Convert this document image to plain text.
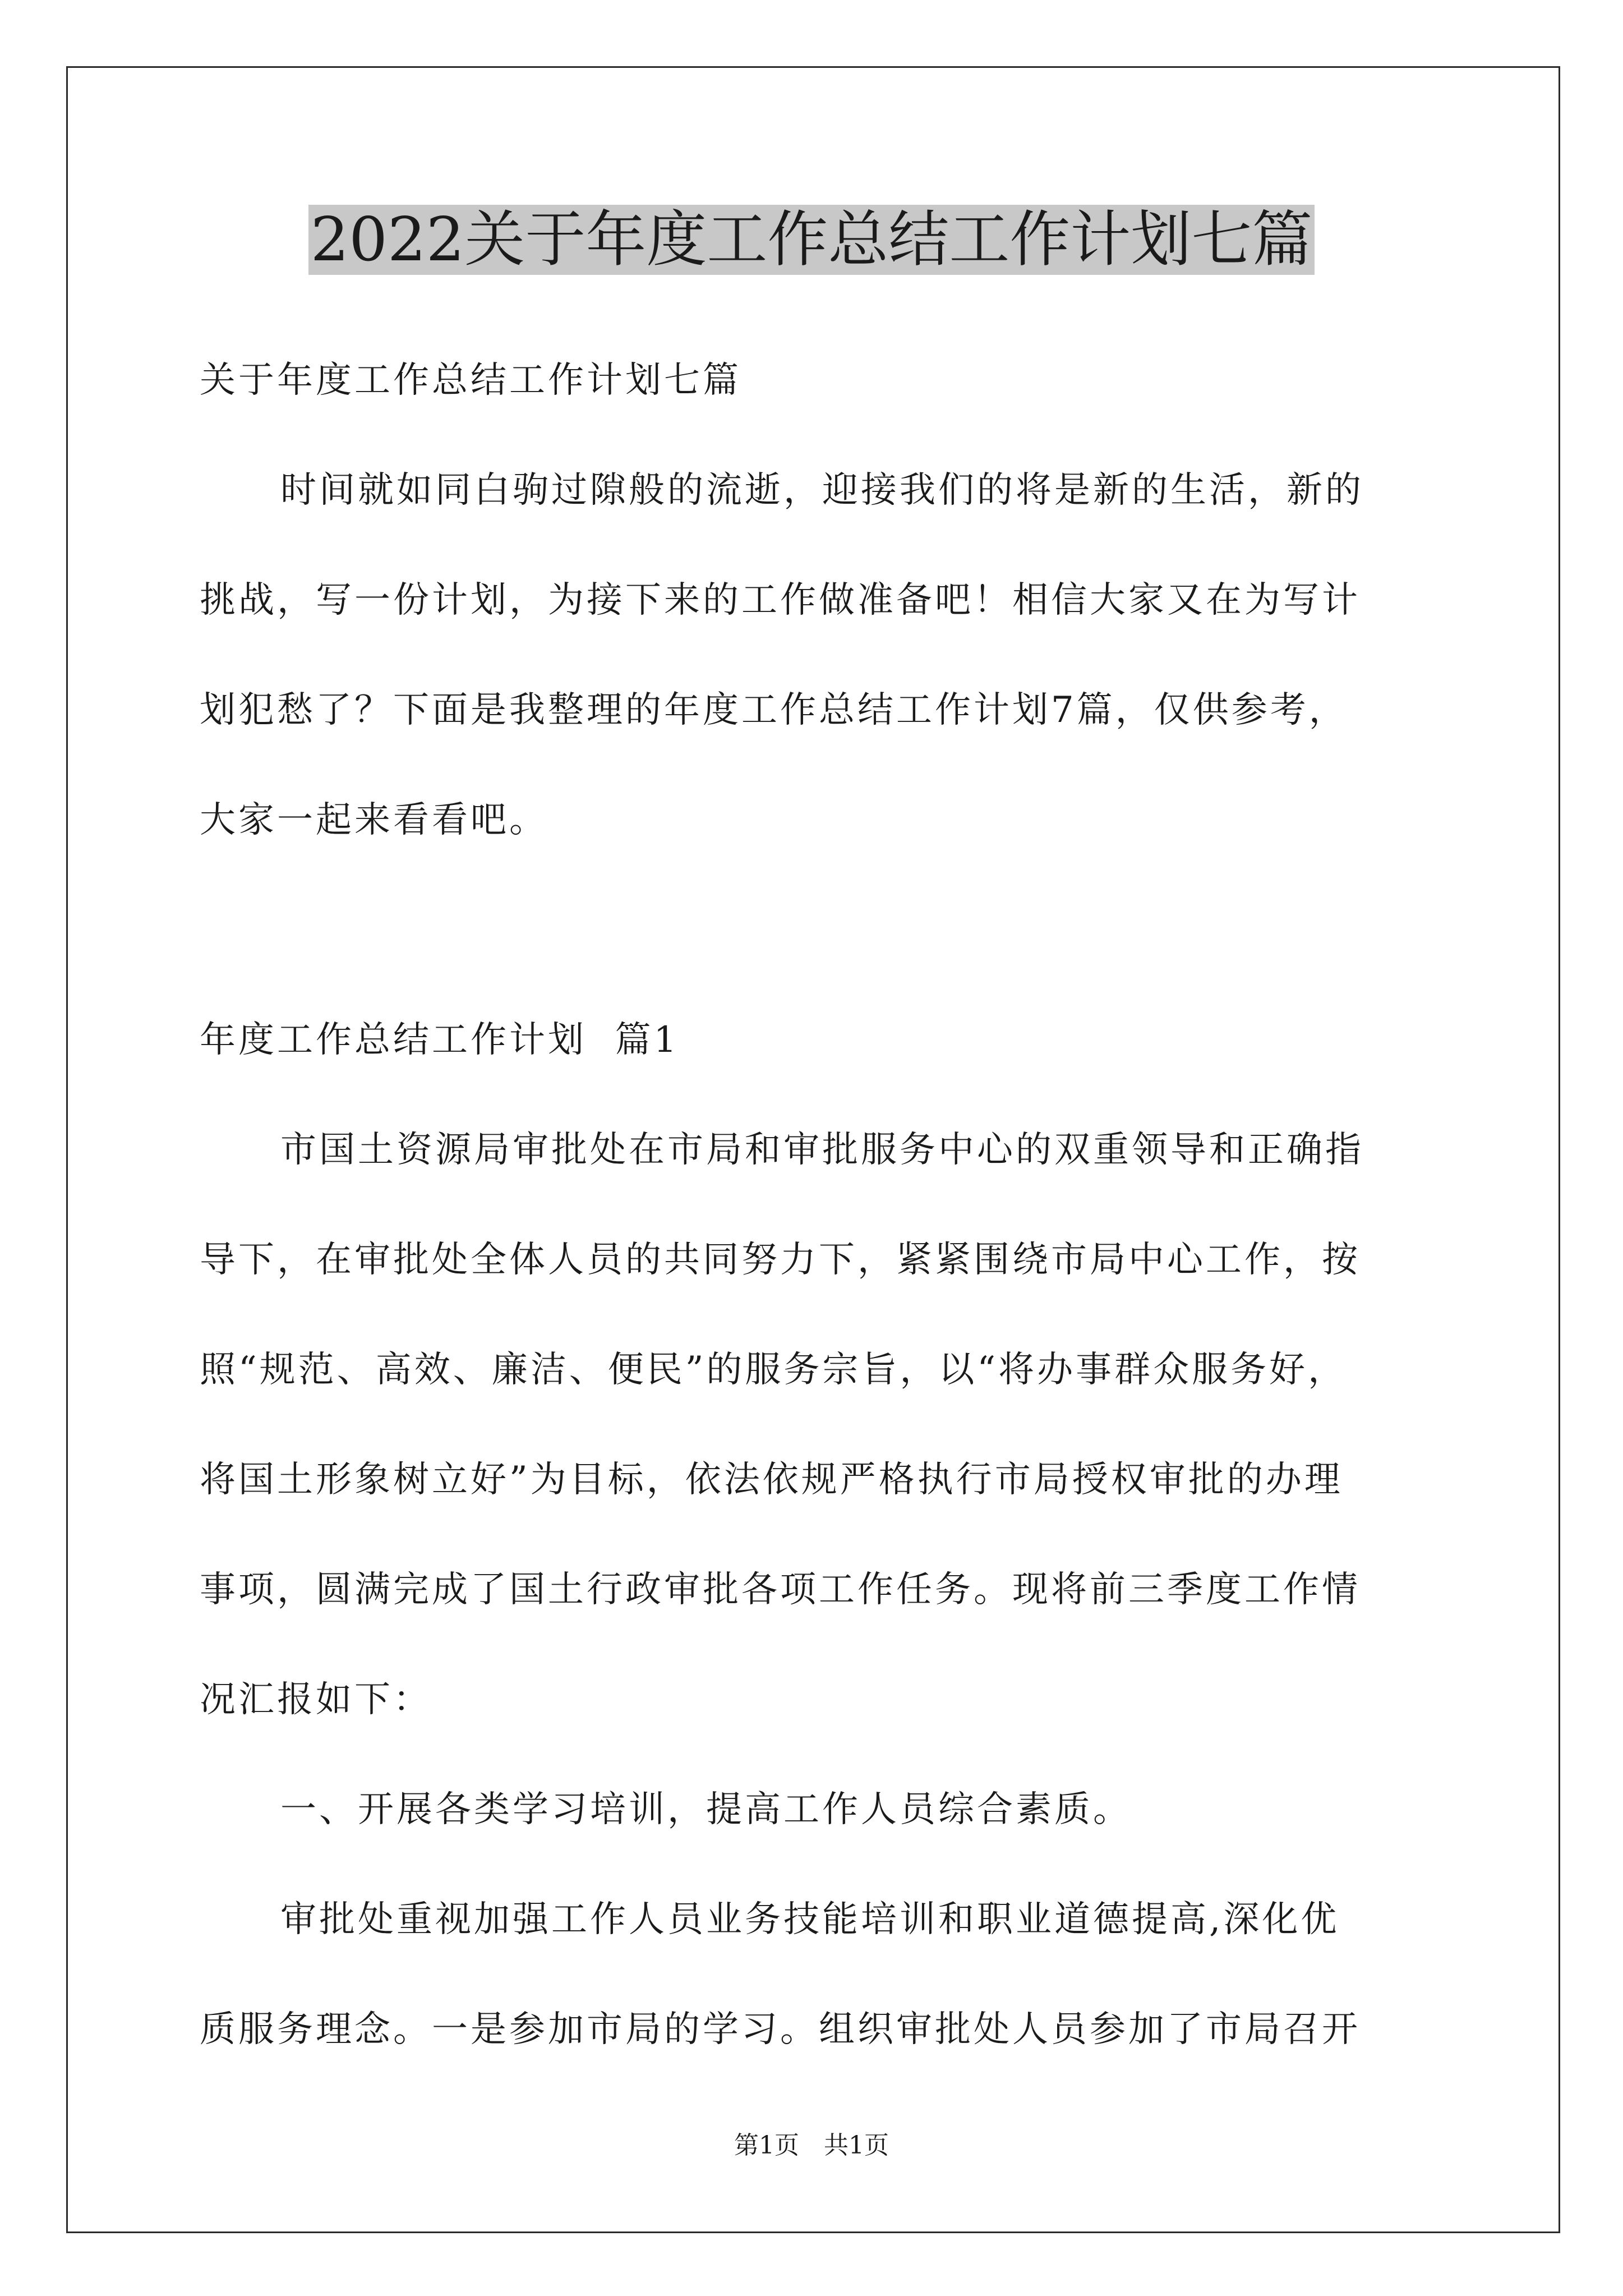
2022关于年度工作总结工作计划七篇

关于年度工作总结工作计划七篇

时间就如同白驹过隙般的流逝，迎接我们的将是新的生活，新的

挑战，写一份计划，为接下来的工作做准备吧！相信大家又在为写计

划犯愁了？下面是我整理的年度工作总结工作计划7篇，仅供参考，

大家一起来看看吧。

年度工作总结工作计划  篇1

市国土资源局审批处在市局和审批服务中心的双重领导和正确指

导下，在审批处全体人员的共同努力下，紧紧围绕市局中心工作，按

照“规范、高效、廉洁、便民”的服务宗旨，以“将办事群众服务好，

将国土形象树立好”为目标，依法依规严格执行市局授权审批的办理

事项，圆满完成了国土行政审批各项工作任务。现将前三季度工作情

况汇报如下：

一、开展各类学习培训，提高工作人员综合素质。

审批处重视加强工作人员业务技能培训和职业道德提高,深化优

质服务理念。一是参加市局的学习。组织审批处人员参加了市局召开

第1页 共1页
